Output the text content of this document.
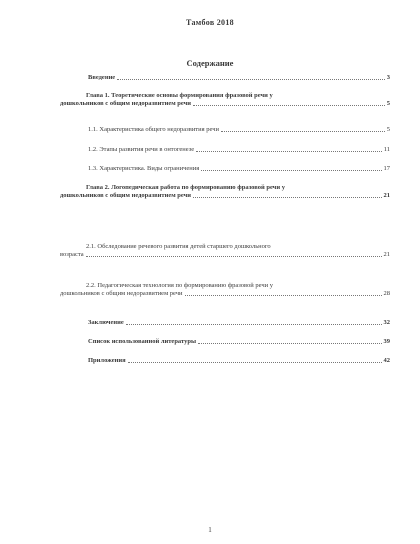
Тамбов 2018
Содержание
Введение	3
Глава 1. Теоретические основы формирования фразовой речи у
дошкольников с общим недоразвитием речи	5
1.1. Характеристика общего недоразвития речи	5
1.2. Этапы развития речи в онтогенезе	11
1.3. Характеристика. Виды ограничения	17
Глава 2. Логопедическая работа по формированию фразовой речи у
дошкольников с общим недоразвитием речи	21
2.1. Обследование речевого развития детей старшего дошкольного
возраста	21
2.2. Педагогическая технология по формированию фразовой речи у
дошкольников с общим недоразвитием речи	28
Заключение	32
Список использованной литературы	39
Приложения	42
1
